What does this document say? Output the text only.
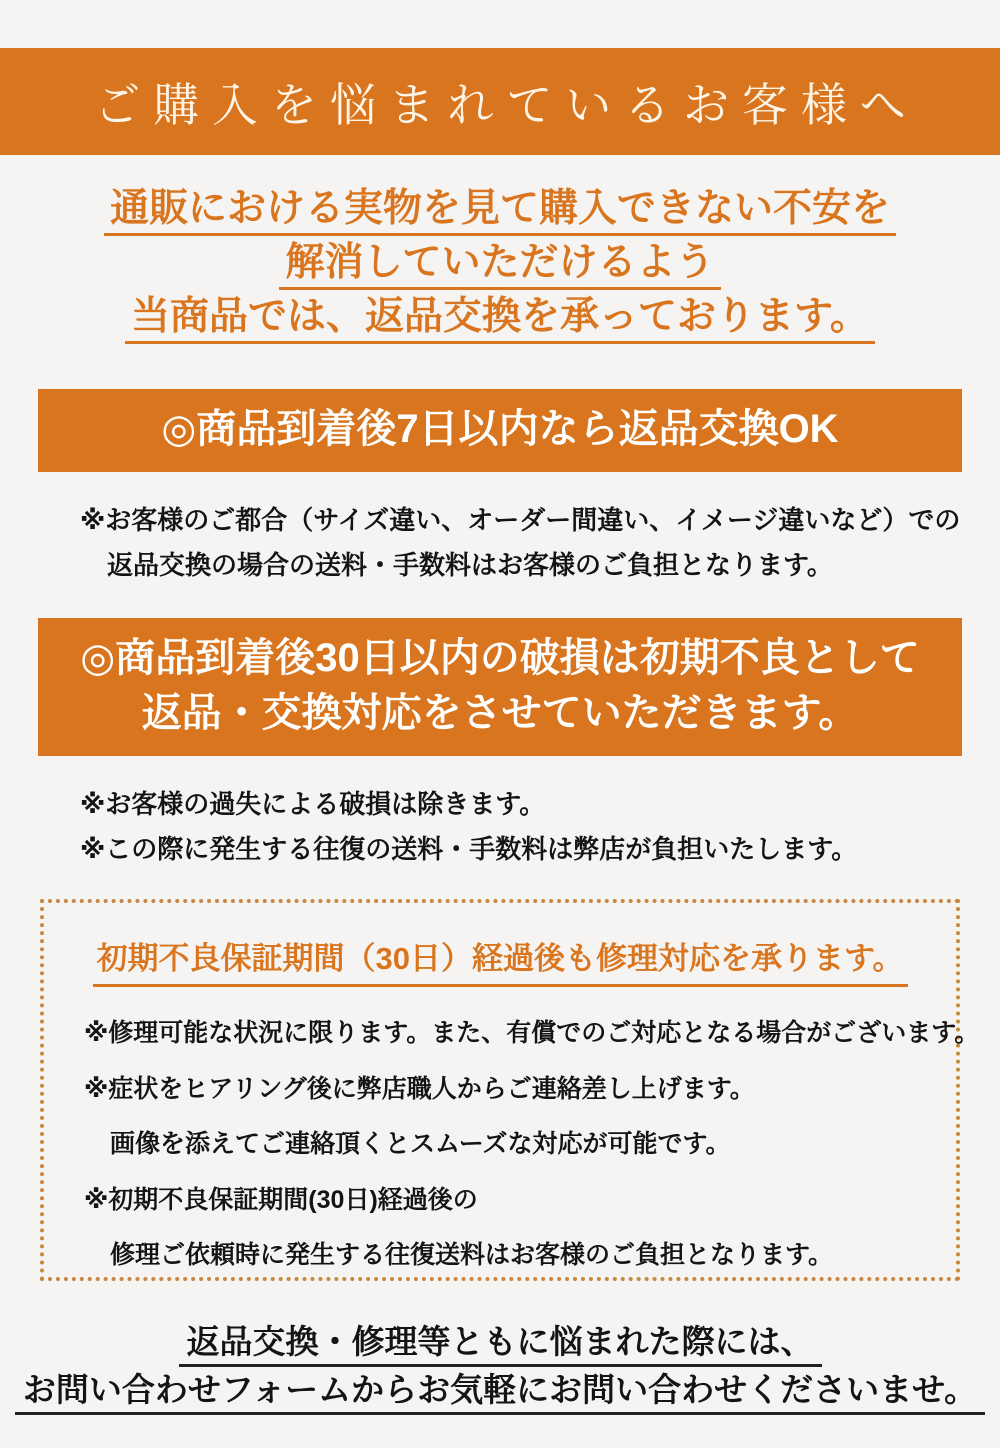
ご購入を悩まれているお客様へ
通販における実物を見て購入できない不安を
解消していただけるよう
当商品では、返品交換を承っております。
◎商品到着後7日以内なら返品交換OK
※お客様のご都合（サイズ違い、オーダー間違い、イメージ違いなど）での
返品交換の場合の送料・手数料はお客様のご負担となります。
◎商品到着後30日以内の破損は初期不良として
返品・交換対応をさせていただきます。
※お客様の過失による破損は除きます。
※この際に発生する往復の送料・手数料は弊店が負担いたします。
初期不良保証期間（30日）経過後も修理対応を承ります。
※修理可能な状況に限ります。また、有償でのご対応となる場合がございます。
※症状をヒアリング後に弊店職人からご連絡差し上げます。
画像を添えてご連絡頂くとスムーズな対応が可能です。
※初期不良保証期間(30日)経過後の
修理ご依頼時に発生する往復送料はお客様のご負担となります。
返品交換・修理等ともに悩まれた際には、
お問い合わせフォームからお気軽にお問い合わせくださいませ。
